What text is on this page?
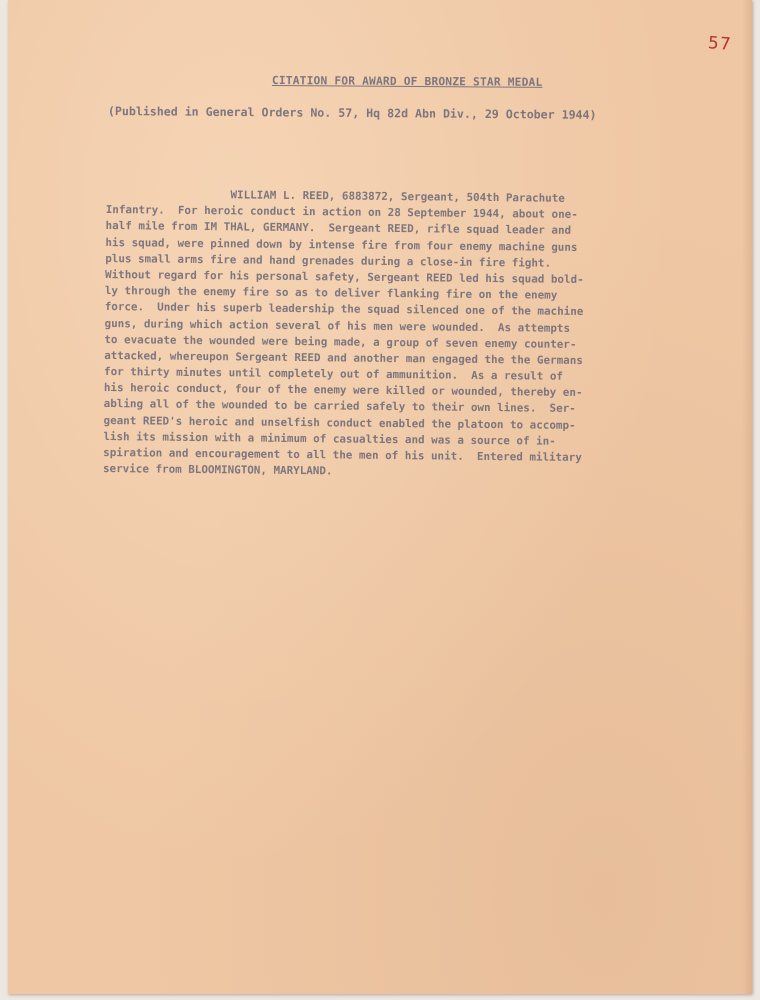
57
CITATION FOR AWARD OF BRONZE STAR MEDAL
(Published in General Orders No. 57, Hq 82d Abn Div., 29 October 1944)
WILLIAM L. REED, 6883872, Sergeant, 504th Parachute
Infantry.  For heroic conduct in action on 28 September 1944, about one-
half mile from IM THAL, GERMANY.  Sergeant REED, rifle squad leader and
his squad, were pinned down by intense fire from four enemy machine guns
plus small arms fire and hand grenades during a close-in fire fight.
Without regard for his personal safety, Sergeant REED led his squad bold-
ly through the enemy fire so as to deliver flanking fire on the enemy
force.  Under his superb leadership the squad silenced one of the machine
guns, during which action several of his men were wounded.  As attempts
to evacuate the wounded were being made, a group of seven enemy counter-
attacked, whereupon Sergeant REED and another man engaged the the Germans
for thirty minutes until completely out of ammunition.  As a result of
his heroic conduct, four of the enemy were killed or wounded, thereby en-
abling all of the wounded to be carried safely to their own lines.  Ser-
geant REED's heroic and unselfish conduct enabled the platoon to accomp-
lish its mission with a minimum of casualties and was a source of in-
spiration and encouragement to all the men of his unit.  Entered military
service from BLOOMINGTON, MARYLAND.
